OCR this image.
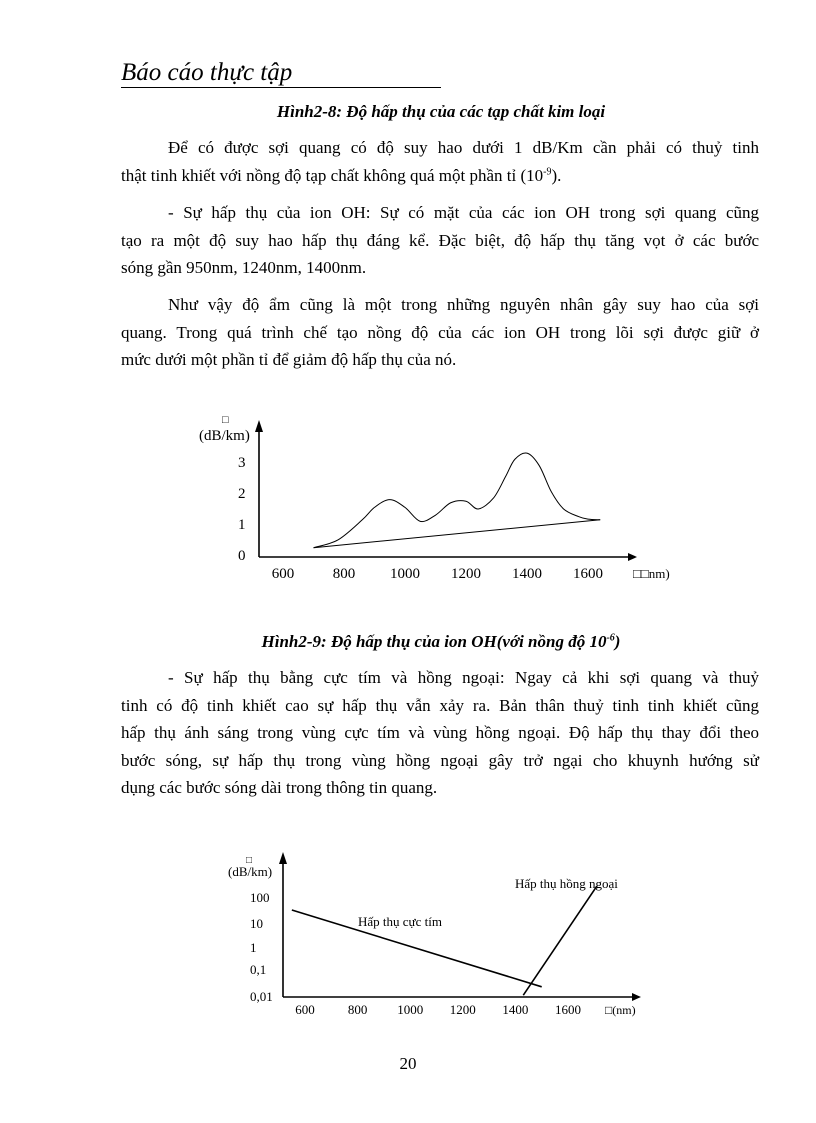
Báo cáo thực tập
Hình2-8: Độ hấp thụ của các tạp chất kim loại

Để có được sợi quang có độ suy hao dưới 1 dB/Km cần phải có thuỷ tinh
thật tinh khiết với nồng độ tạp chất không quá một phần tỉ $(10^{-9})$.

- Sự hấp thụ của ion OH: Sự có mặt của các ion OH trong sợi quang cũng
tạo ra một độ suy hao hấp thụ đáng kể. Đặc biệt, độ hấp thụ tăng vọt ở các bước
sóng gần 950nm, 1240nm, 1400nm.

Như vậy độ ẩm cũng là một trong những nguyên nhân gây suy hao của sợi
quang. Trong quá trình chế tạo nồng độ của các ion OH trong lõi sợi được giữ ở
mức dưới một phần tỉ để giảm độ hấp thụ của nó.

□
(dB/km)
0
1
2
3
600	800 1000 1200 1400 1600 □□nm)
Hình2-9: Độ hấp thụ của ion OH(với nồng độ $10^{-6}$)

- Sự hấp thụ bằng cực tím và hồng ngoại: Ngay cả khi sợi quang và thuỷ
tinh có độ tinh khiết cao sự hấp thụ vẫn xảy ra. Bản thân thuỷ tinh tinh khiết cũng
hấp thụ ánh sáng trong vùng cực tím và vùng hồng ngoại. Độ hấp thụ thay đổi theo
bước sóng, sự hấp thụ trong vùng hồng ngoại gây trở ngại cho khuynh hướng sử
dụng các bước sóng dài trong thông tin quang.

□
(dB/km)
0,01
0,1
1
10
100
600	800 1000 1200 1400 1600 □(nm)
Hấp thụ cực tím
Hấp thụ hồng ngoại
20
